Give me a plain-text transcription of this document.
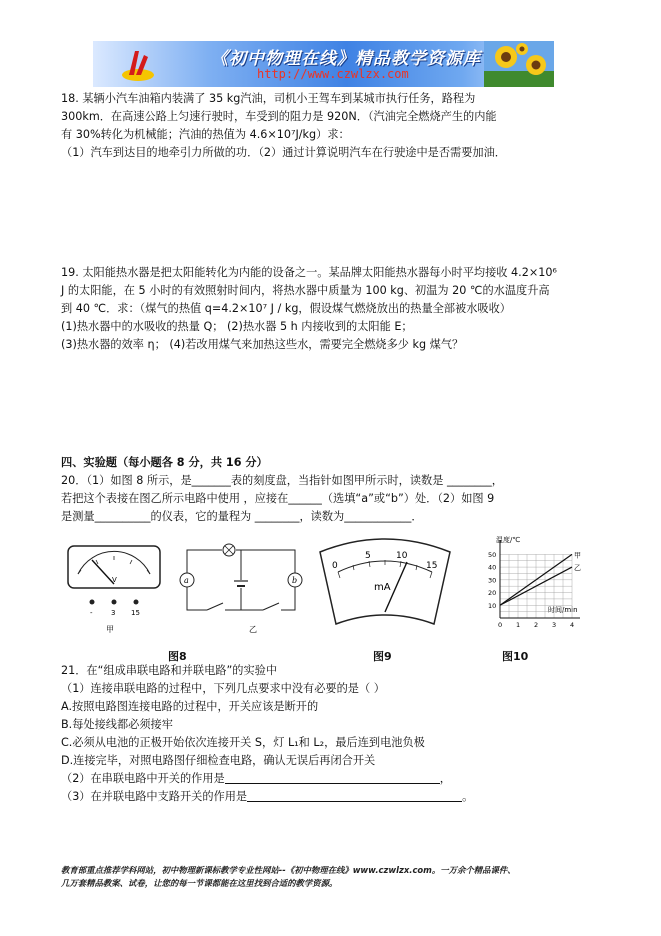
《初中物理在线》精品教学资源库
http://www.czwlzx.com

18. 某辆小汽车油箱内装满了 35 kg汽油，司机小王驾车到某城市执行任务，路程为

300km．在高速公路上匀速行驶时，车受到的阻力是 920N．（汽油完全燃烧产生的内能

有 30%转化为机械能；汽油的热值为 4.6×10⁷J/kg）求：

（1）汽车到达目的地牵引力所做的功．（2）通过计算说明汽车在行驶途中是否需要加油．

19. 太阳能热水器是把太阳能转化为内能的设备之一。某品牌太阳能热水器每小时平均接收 4.2×10⁶

J 的太阳能，在 5 小时的有效照射时间内，将热水器中质量为 100 kg、初温为 20 ℃的水温度升高

到 40 ℃．求：（煤气的热值 q=4.2×10⁷ J / kg，假设煤气燃烧放出的热量全部被水吸收）

(1)热水器中的水吸收的热量 Q； (2)热水器 5 h 内接收到的太阳能 E；

(3)热水器的效率 η； (4)若改用煤气来加热这些水，需要完全燃烧多少 kg 煤气？

四、实验题（每小题各 8 分，共 16 分）

20．（1）如图 8 所示，是_______表的刻度盘，当指针如图甲所示时，读数是 ________，

若把这个表接在图乙所示电路中使用 ，应接在______（选填“a”或“b”）处．（2）如图 9

是测量__________的仪表，它的量程为 ________，读数为____________．

V
-	3 15
甲
a	b
乙
0
5	10
15
mA
温度/℃
时间/min
甲
乙
10
20
30
40
50
0 1 2 3 4
图8	图9	图10

21．在“组成串联电路和并联电路”的实验中

（1）连接串联电路的过程中，下列几点要求中没有必要的是（ ）

A.按照电路图连接电路的过程中，开关应该是断开的

B.每处接线都必须接牢

C.必须从电池的正极开始依次连接开关 S，灯 L₁和 L₂，最后连到电池负极

D.连接完毕，对照电路图仔细检查电路，确认无误后再闭合开关

（2）在串联电路中开关的作用是	，

（3）在并联电路中支路开关的作用是	。

教育部重点推荐学科网站，初中物理新课标教学专业性网站--《初中物理在线》www.czwlzx.com。一万余个精品课件、
几万套精品教案、试卷，让您的每一节课都能在这里找到合适的教学资源。
